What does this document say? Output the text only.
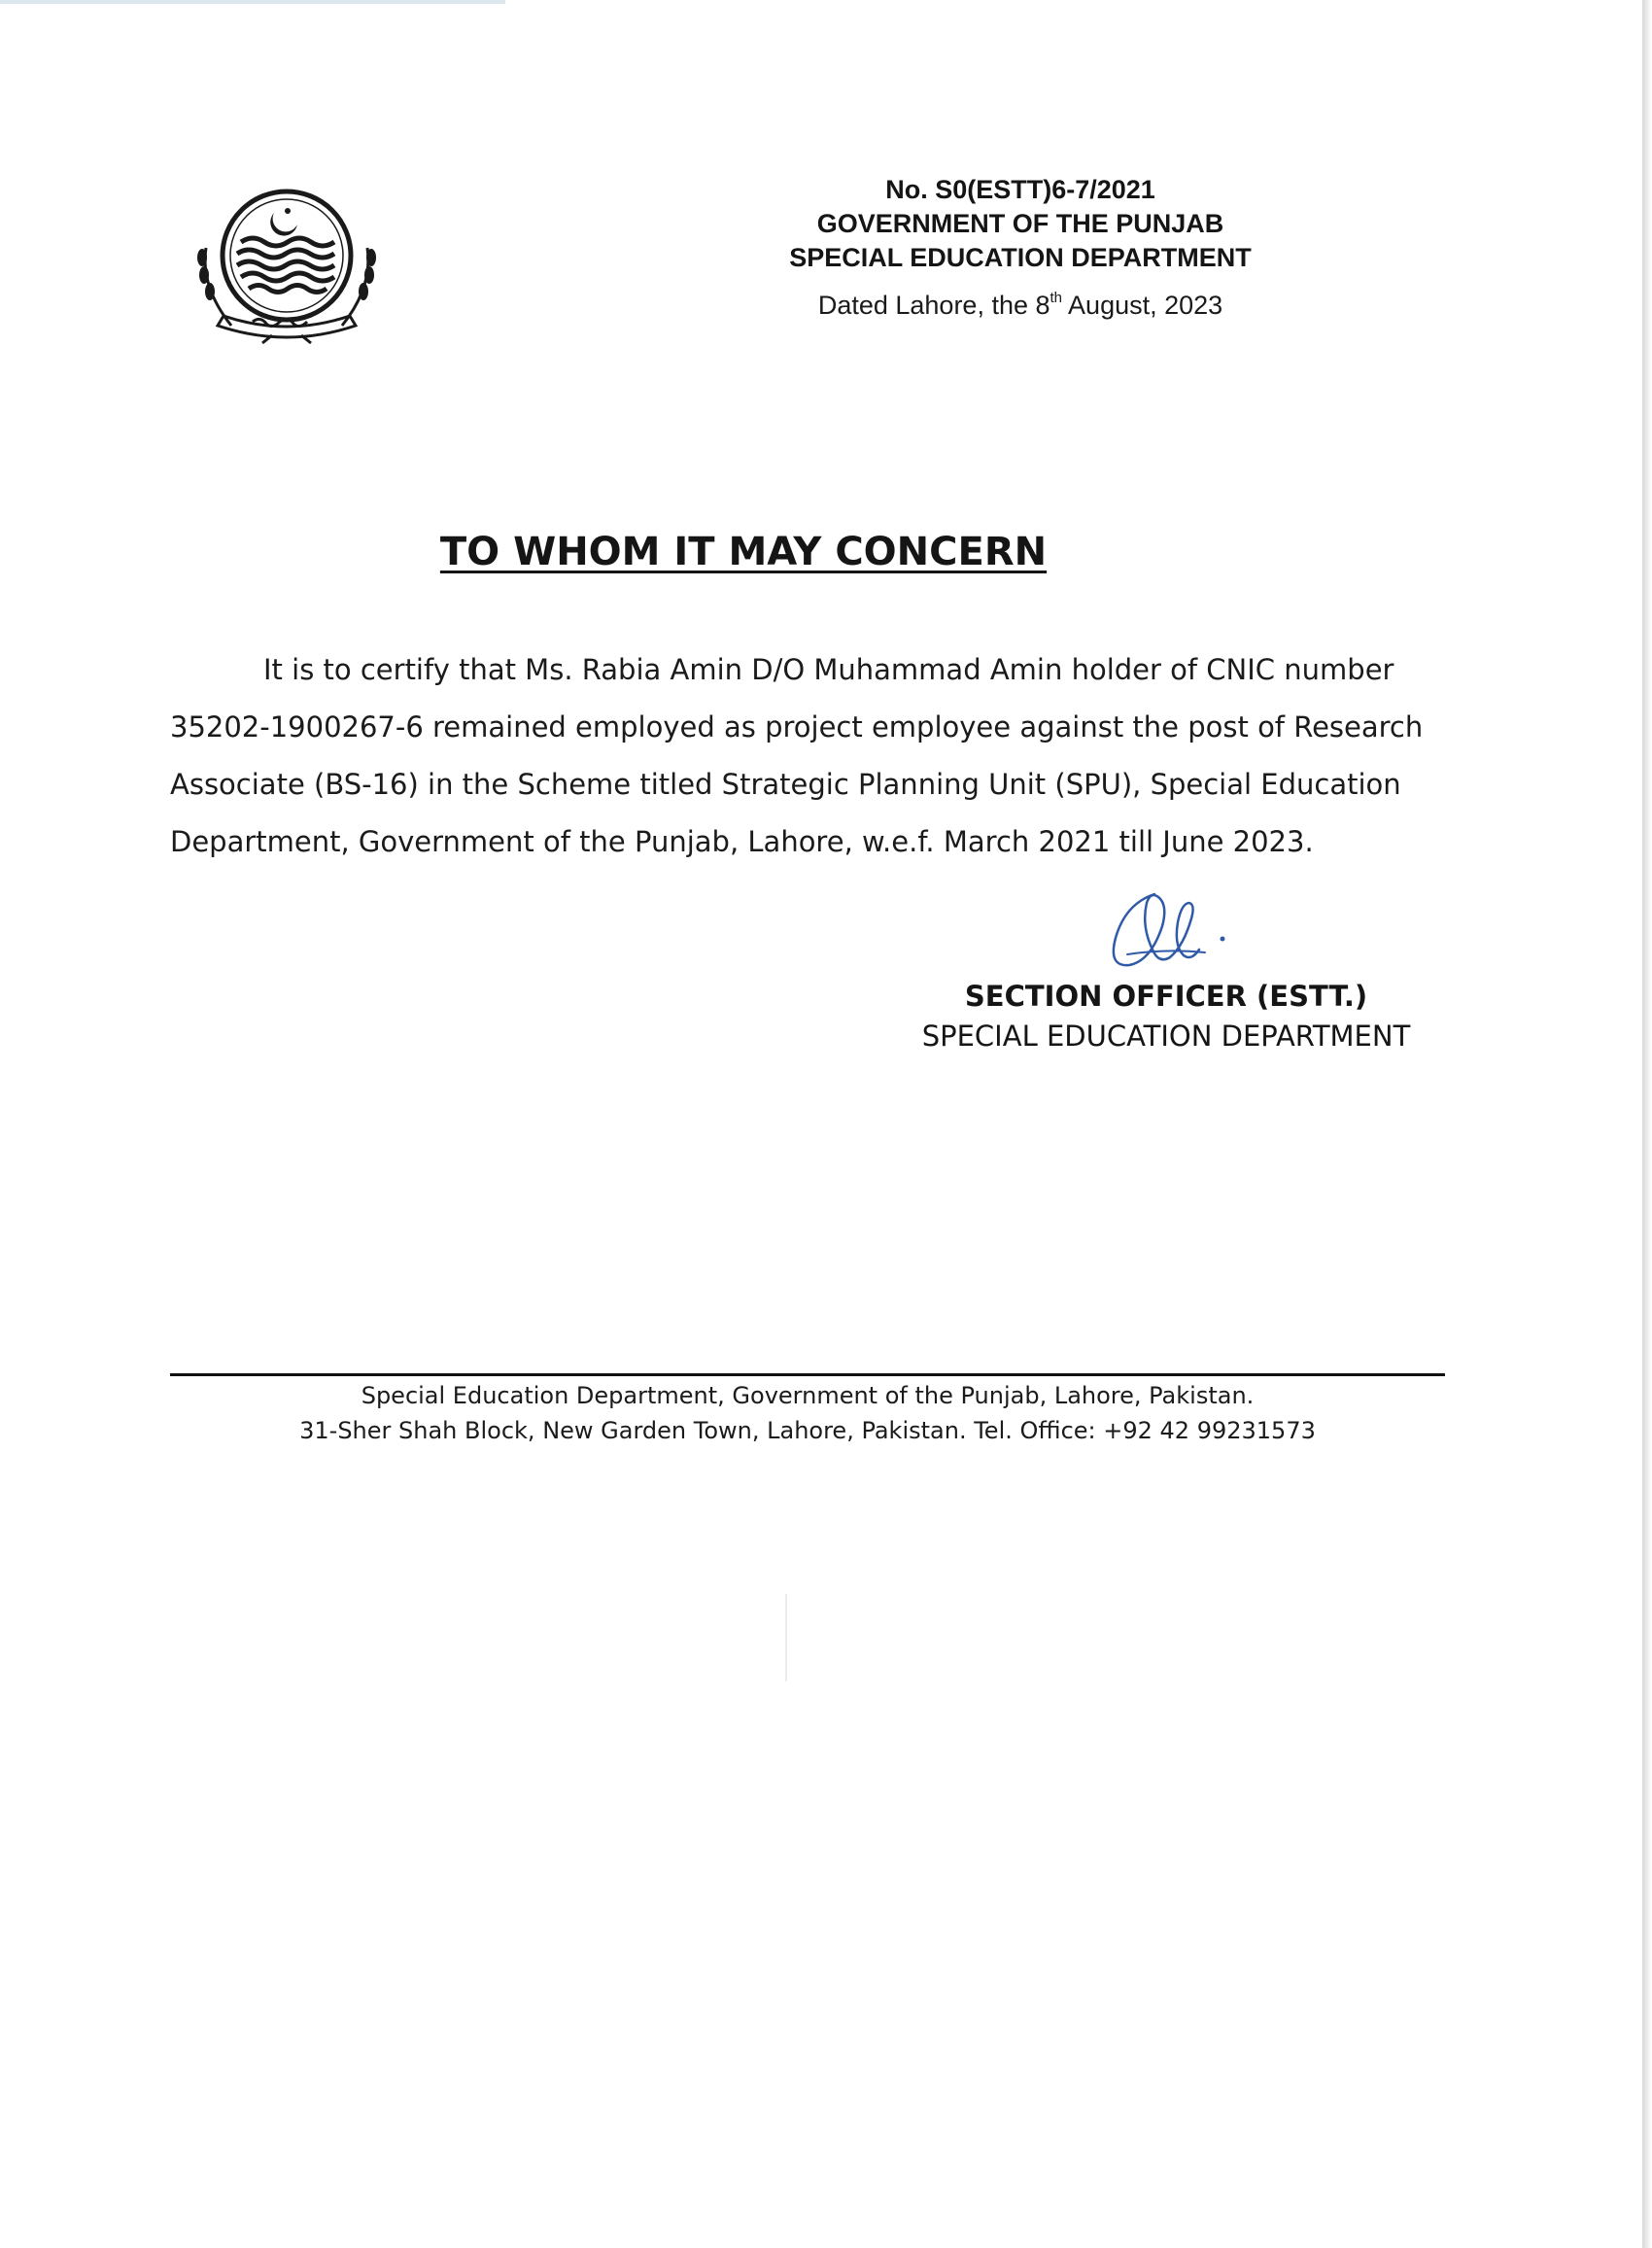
No. S0(ESTT)6-7/2021
GOVERNMENT OF THE PUNJAB
SPECIAL EDUCATION DEPARTMENT
Dated Lahore, the 8th August, 2023
TO WHOM IT MAY CONCERN
It is to certify that Ms. Rabia Amin D/O Muhammad Amin holder of CNIC number
35202-1900267-6 remained employed as project employee against the post of Research
Associate (BS-16) in the Scheme titled Strategic Planning Unit (SPU), Special Education
Department, Government of the Punjab, Lahore, w.e.f. March 2021 till June 2023.
SECTION OFFICER (ESTT.)
SPECIAL EDUCATION DEPARTMENT
Special Education Department, Government of the Punjab, Lahore, Pakistan.
31-Sher Shah Block, New Garden Town, Lahore, Pakistan. Tel. Office: +92 42 99231573
